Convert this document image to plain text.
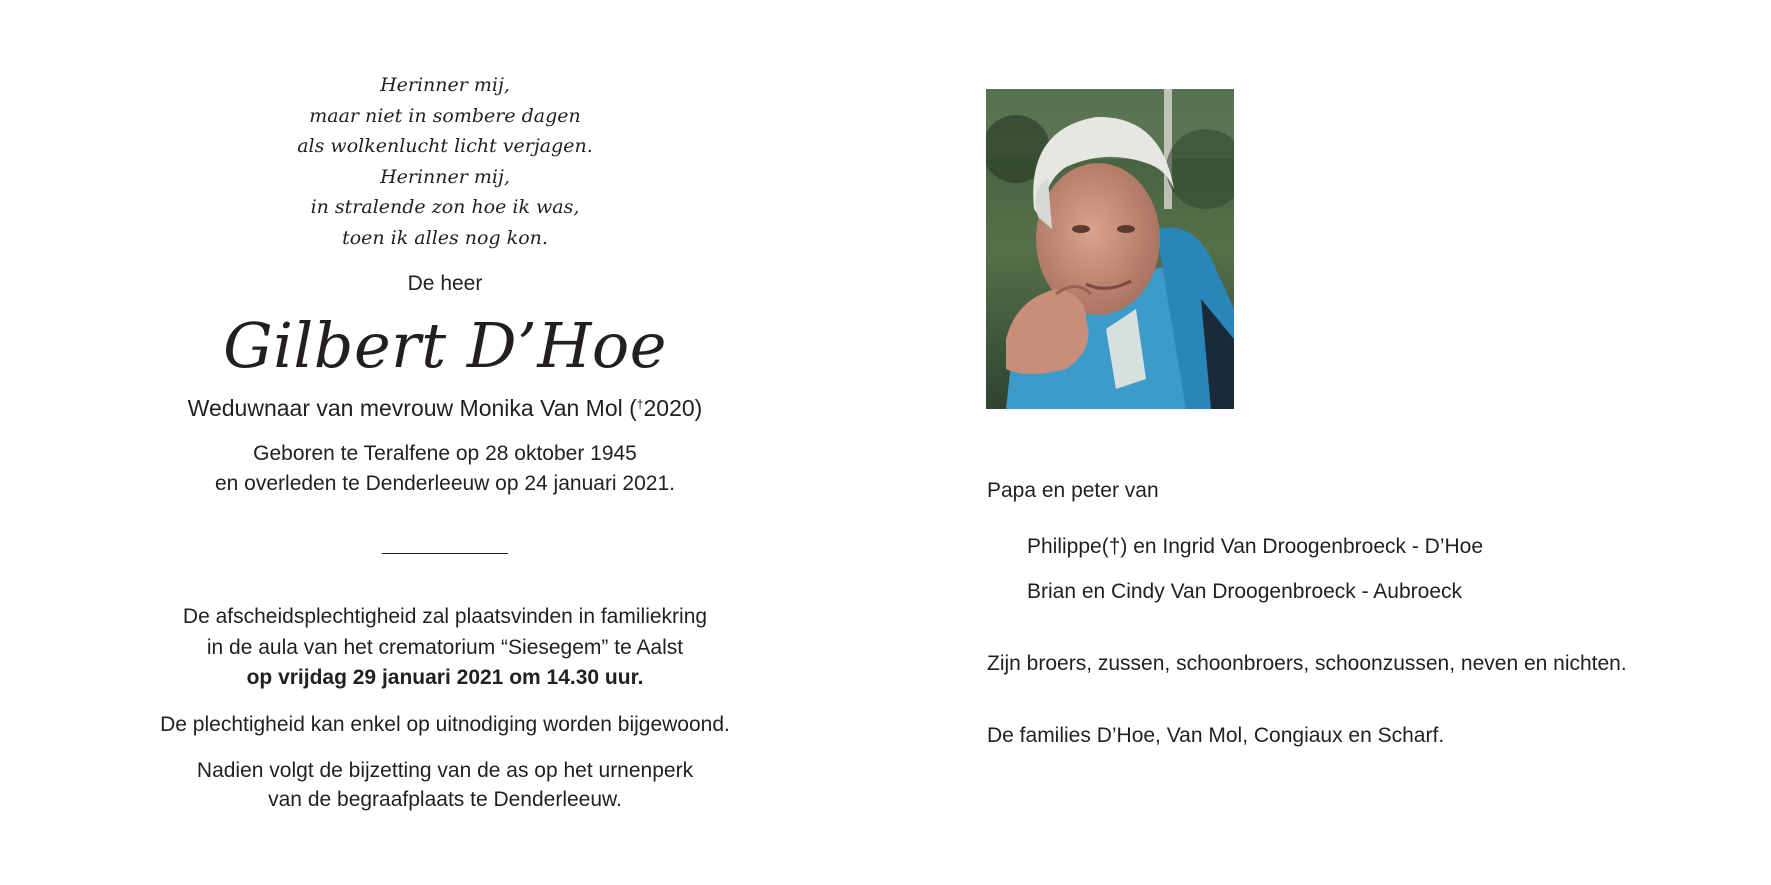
Herinner mij,
maar niet in sombere dagen
als wolkenlucht licht verjagen.
Herinner mij,
in stralende zon hoe ik was,
toen ik alles nog kon.
De heer
Gilbert D’Hoe
Weduwnaar van mevrouw Monika Van Mol (†2020)
Geboren te Teralfene op 28 oktober 1945
en overleden te Denderleeuw op 24 januari 2021.
De afscheidsplechtigheid zal plaatsvinden in familiekring
in de aula van het crematorium “Siesegem” te Aalst
op vrijdag 29 januari 2021 om 14.30 uur.
De plechtigheid kan enkel op uitnodiging worden bijgewoond.
Nadien volgt de bijzetting van de as op het urnenperk
van de begraafplaats te Denderleeuw.
Papa en peter van
Philippe(†) en Ingrid Van Droogenbroeck - D’Hoe
Brian en Cindy Van Droogenbroeck - Aubroeck
Zijn broers, zussen, schoonbroers, schoonzussen, neven en nichten.
De families D’Hoe, Van Mol, Congiaux en Scharf.
